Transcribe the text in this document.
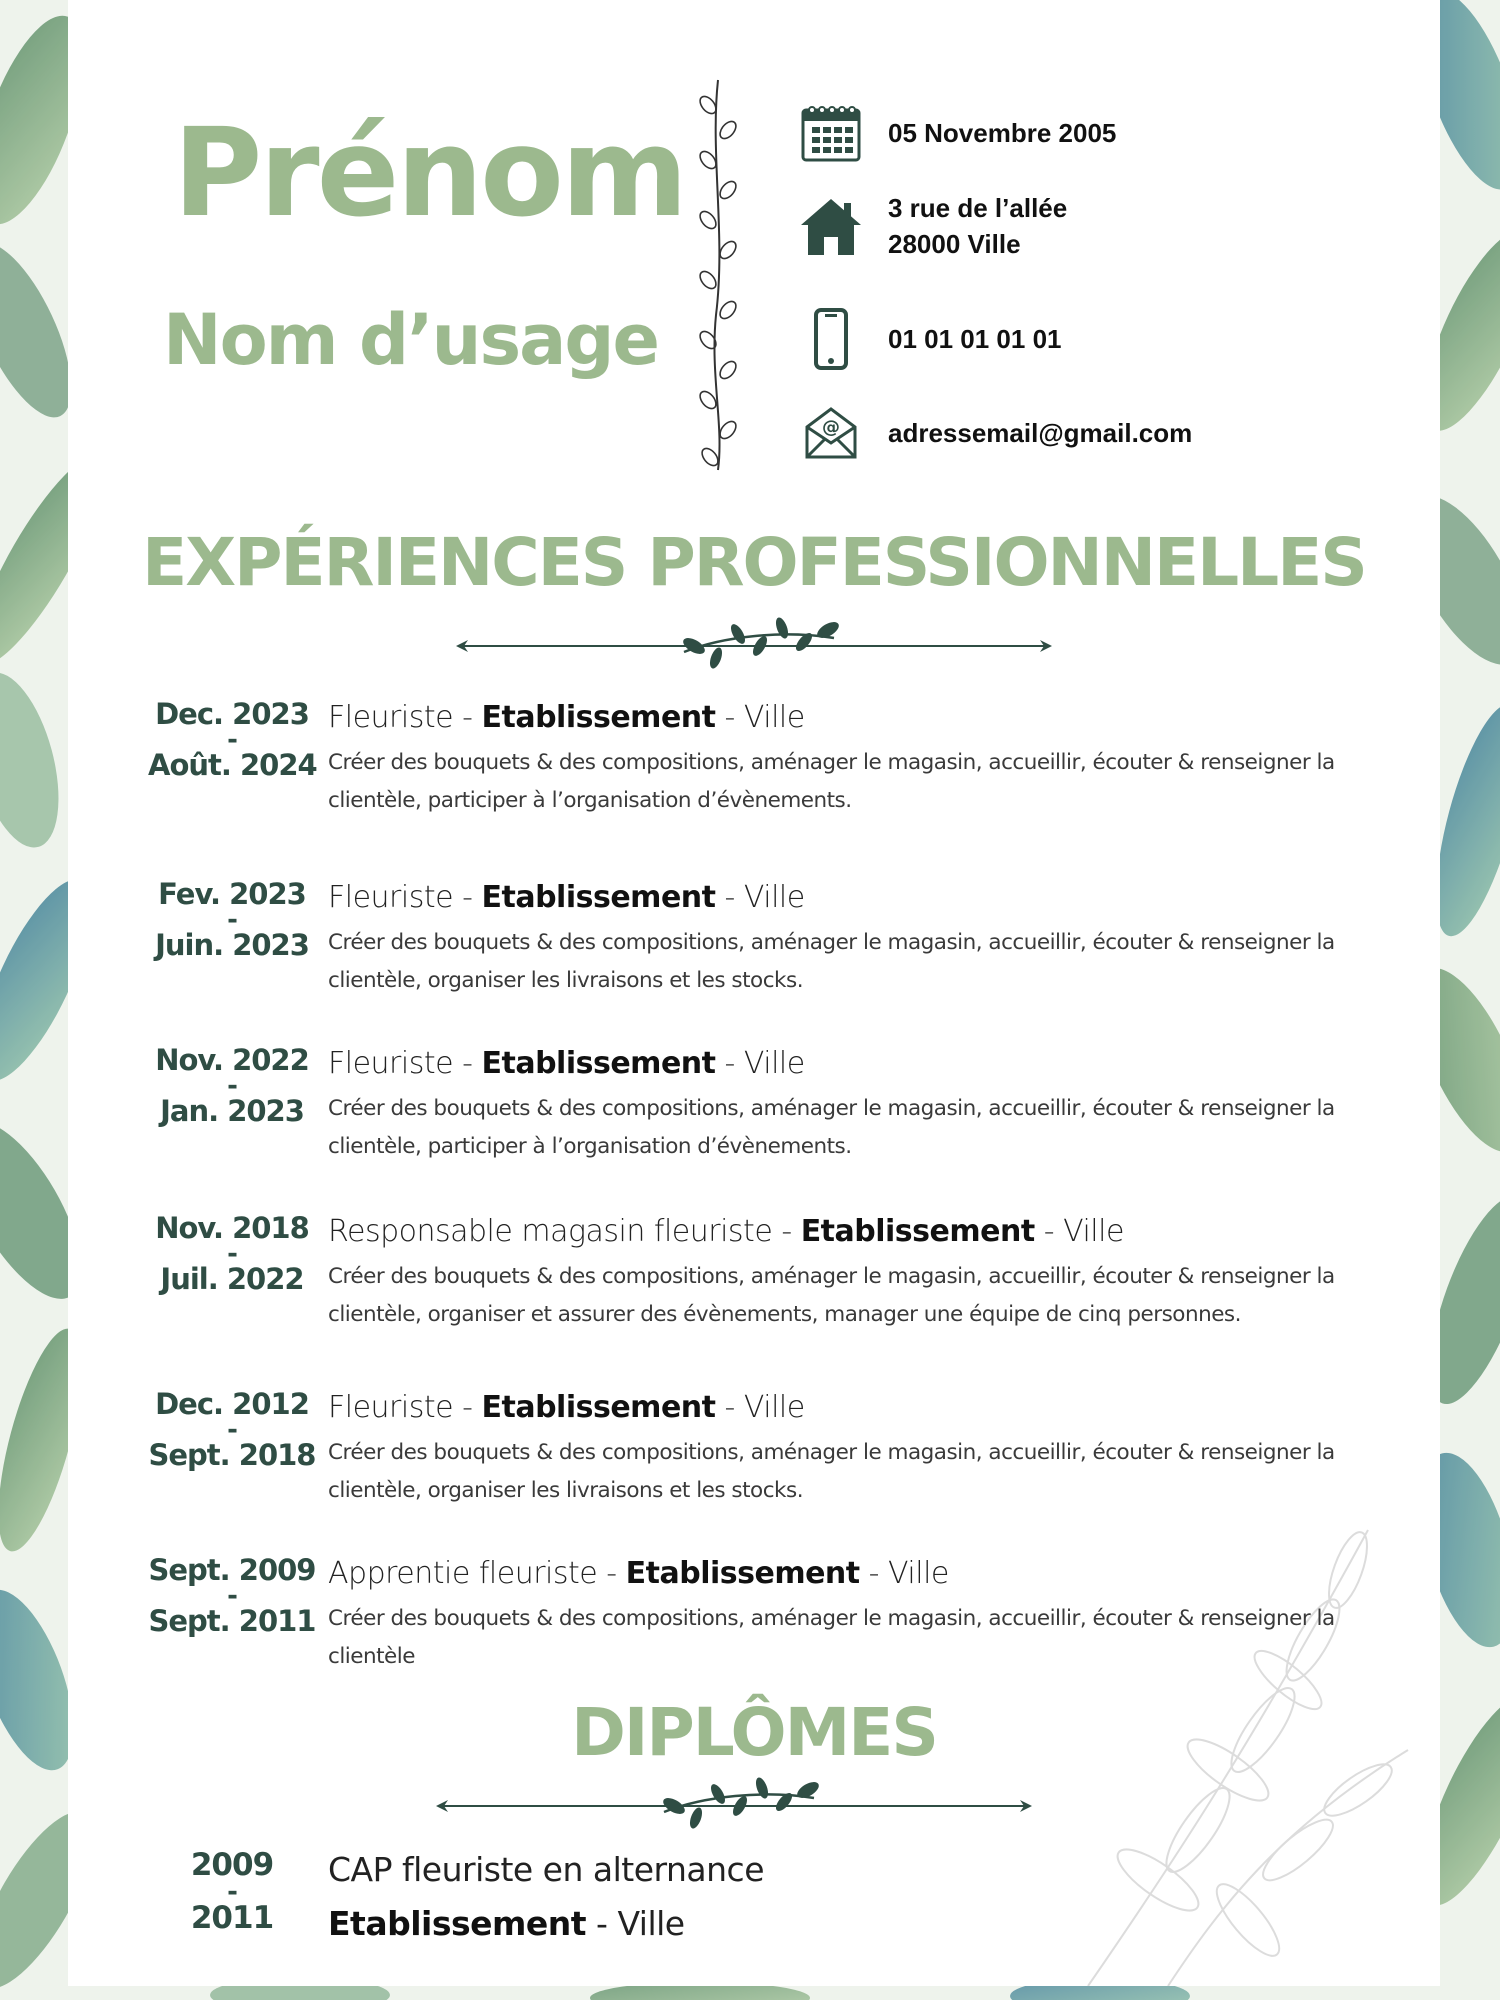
Prénom
Nom d’usage
05 Novembre 2005
3 rue de l’allée
28000 Ville
01 01 01 01 01
@ adressemail@gmail.com
EXPÉRIENCES PROFESSIONNELLES
Dec. 2023
-
Août. 2024
Fleuriste - Etablissement - Ville
Créer des bouquets & des compositions, aménager le magasin, accueillir, écouter & renseigner la clientèle, participer à l’organisation d’évènements.
Fev. 2023
-
Juin. 2023
Fleuriste - Etablissement - Ville
Créer des bouquets & des compositions, aménager le magasin, accueillir, écouter & renseigner la clientèle, organiser les livraisons et les stocks.
Nov. 2022
-
Jan. 2023
Fleuriste - Etablissement - Ville
Créer des bouquets & des compositions, aménager le magasin, accueillir, écouter & renseigner la clientèle, participer à l’organisation d’évènements.
Nov. 2018
-
Juil. 2022
Responsable magasin fleuriste - Etablissement - Ville
Créer des bouquets & des compositions, aménager le magasin, accueillir, écouter & renseigner la clientèle, organiser et assurer des évènements, manager une équipe de cinq personnes.
Dec. 2012
-
Sept. 2018
Fleuriste - Etablissement - Ville
Créer des bouquets & des compositions, aménager le magasin, accueillir, écouter & renseigner la clientèle, organiser les livraisons et les stocks.
Sept. 2009
-
Sept. 2011
Apprentie fleuriste - Etablissement - Ville
Créer des bouquets & des compositions, aménager le magasin, accueillir, écouter & renseigner la clientèle
DIPLÔMES
2009
-
2011
CAP fleuriste en alternance
Etablissement - Ville
